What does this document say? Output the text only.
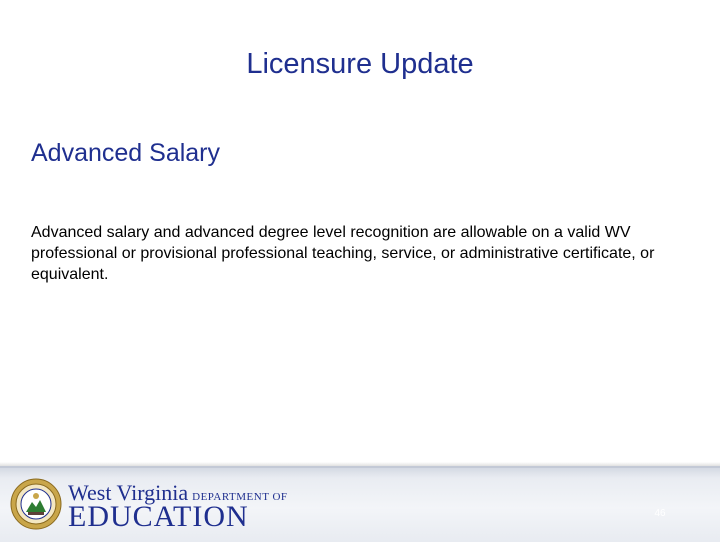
Licensure Update
Advanced Salary
Advanced salary and advanced degree level recognition are allowable on a valid WV professional or provisional professional teaching, service, or administrative certificate, or equivalent.
West Virginia DEPARTMENT OF
EDUCATION	46
